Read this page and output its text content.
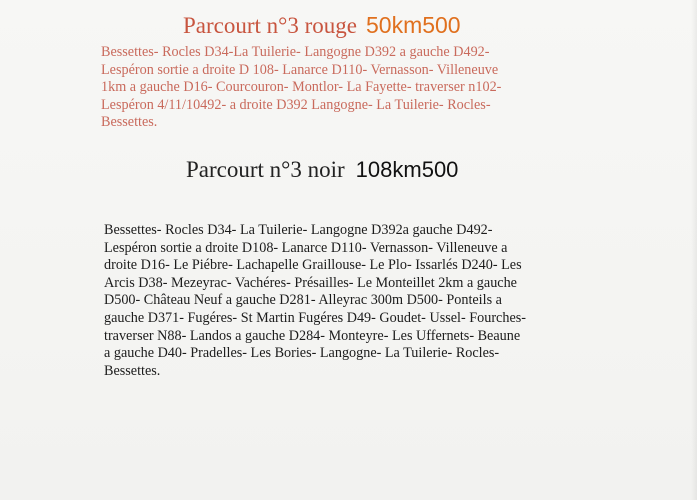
Parcourt n°3 rouge 50km500
Bessettes- Rocles D34-La Tuilerie- Langogne D392 a gauche D492-
Lespéron sortie a droite D 108- Lanarce D110- Vernasson- Villeneuve
1km a gauche D16- Courcouron- Montlor- La Fayette- traverser n102-
Lespéron 4/11/10492- a droite D392 Langogne- La Tuilerie- Rocles-
Bessettes.
Parcourt n°3 noir 108km500
Bessettes- Rocles D34- La Tuilerie- Langogne D392a gauche D492-
Lespéron sortie a droite D108- Lanarce D110- Vernasson- Villeneuve a
droite D16- Le Piébre- Lachapelle Graillouse- Le Plo- Issarlés D240- Les
Arcis D38- Mezeyrac- Vachéres- Présailles- Le Monteillet 2km a gauche
D500- Château Neuf a gauche D281- Alleyrac 300m D500- Ponteils a
gauche D371- Fugéres- St Martin Fugéres D49- Goudet- Ussel- Fourches-
traverser N88- Landos a gauche D284- Monteyre- Les Uffernets- Beaune
a gauche D40- Pradelles- Les Bories- Langogne- La Tuilerie- Rocles-
Bessettes.
